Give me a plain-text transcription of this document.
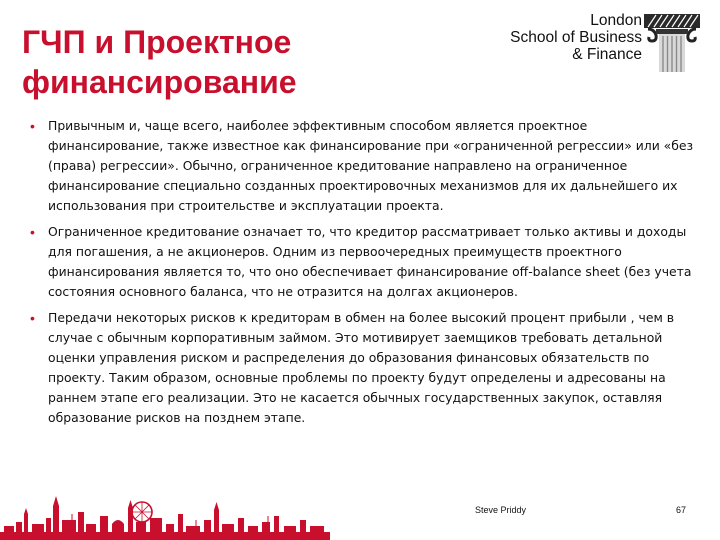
ГЧП и Проектное
финансирование
London
School of Business
& Finance
• Привычным и, чаще всего, наиболее эффективным способом является проектное финансирование, также известное как финансирование при «ограниченной регрессии» или «без (права) регрессии». Обычно, ограниченное кредитование направлено на ограниченное финансирование специально созданных проектировочных механизмов для их дальнейшего их использования при строительстве и эксплуатации проекта.
• Ограниченное кредитование означает то, что кредитор рассматривает только активы и доходы для погашения, а не акционеров. Одним из первоочередных преимуществ проектного финансирования является то, что оно обеспечивает финансирование off-balance sheet (без учета состояния основного баланса, что не отразится на долгах акционеров.
• Передачи некоторых рисков к кредиторам в обмен на более высокий процент прибыли , чем в случае с обычным корпоративным займом. Это мотивирует заемщиков требовать детальной оценки управления риском и распределения до образования финансовых обязательств по проекту. Таким образом, основные проблемы по проекту будут определены и адресованы на раннем этапе его реализации. Это не касается обычных государственных закупок, оставляя образование рисков на позднем этапе.
Steve Priddy	67
